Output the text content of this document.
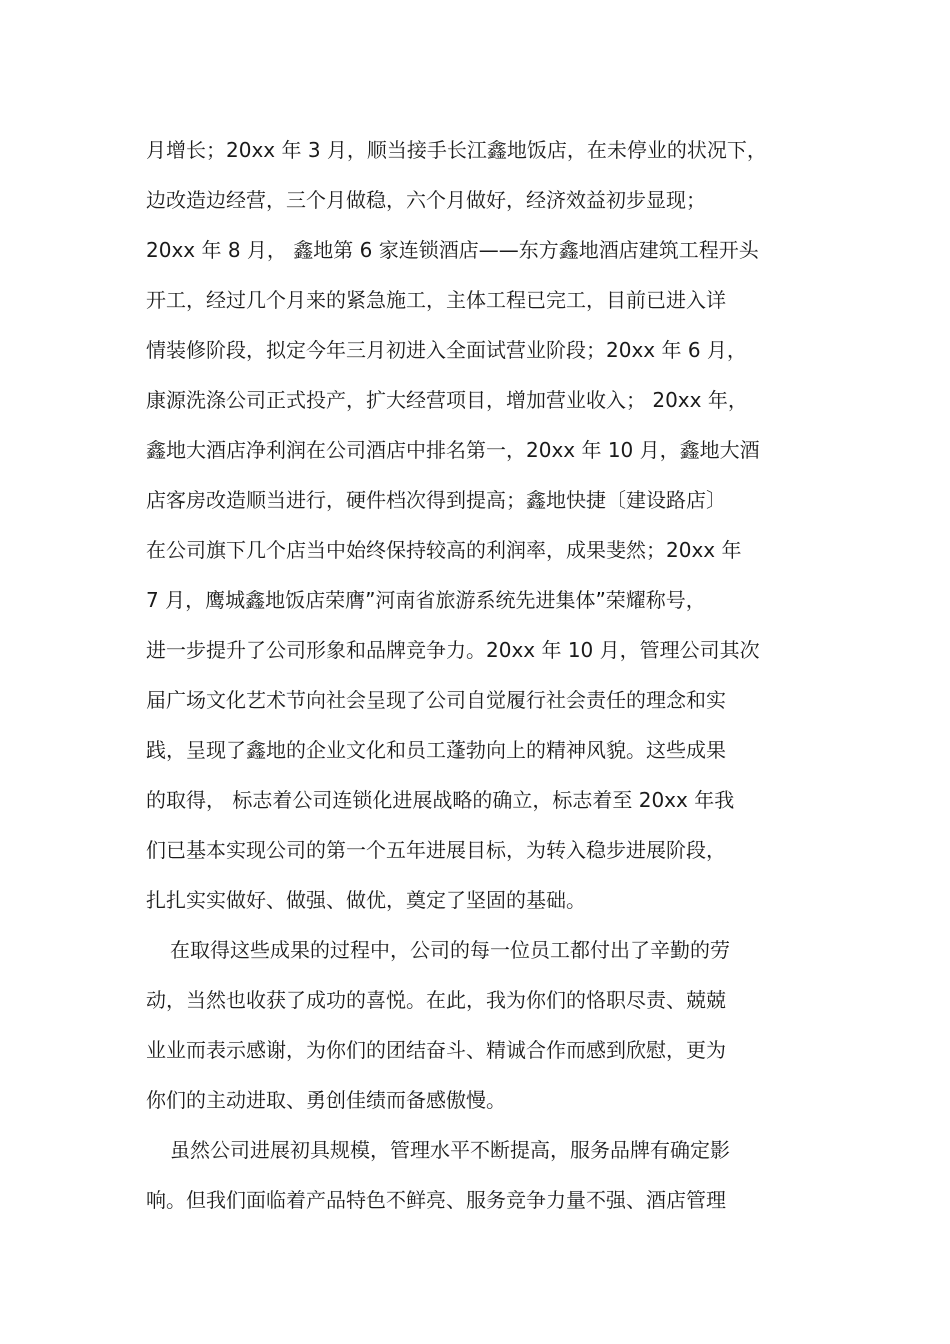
月增长；20xx 年 3 月，顺当接手长江鑫地饭店，在未停业的状况下，
边改造边经营，三个月做稳，六个月做好，经济效益初步显现；
20xx 年 8 月， 鑫地第 6 家连锁酒店——东方鑫地酒店建筑工程开头
开工，经过几个月来的紧急施工，主体工程已完工，目前已进入详
情装修阶段，拟定今年三月初进入全面试营业阶段；20xx 年 6 月，
康源洗涤公司正式投产，扩大经营项目，增加营业收入； 20xx 年，
鑫地大酒店净利润在公司酒店中排名第一，20xx 年 10 月，鑫地大酒
店客房改造顺当进行，硬件档次得到提高；鑫地快捷〔建设路店〕
在公司旗下几个店当中始终保持较高的利润率，成果斐然；20xx 年
7 月，鹰城鑫地饭店荣膺”河南省旅游系统先进集体”荣耀称号，
进一步提升了公司形象和品牌竞争力。20xx 年 10 月，管理公司其次
届广场文化艺术节向社会呈现了公司自觉履行社会责任的理念和实
践，呈现了鑫地的企业文化和员工蓬勃向上的精神风貌。这些成果
的取得， 标志着公司连锁化进展战略的确立，标志着至 20xx 年我
们已基本实现公司的第一个五年进展目标，为转入稳步进展阶段，
扎扎实实做好、做强、做优，奠定了坚固的基础。
在取得这些成果的过程中，公司的每一位员工都付出了辛勤的劳
动，当然也收获了成功的喜悦。在此，我为你们的恪职尽责、兢兢
业业而表示感谢，为你们的团结奋斗、精诚合作而感到欣慰，更为
你们的主动进取、勇创佳绩而备感傲慢。
虽然公司进展初具规模，管理水平不断提高，服务品牌有确定影
响。但我们面临着产品特色不鲜亮、服务竞争力量不强、酒店管理
